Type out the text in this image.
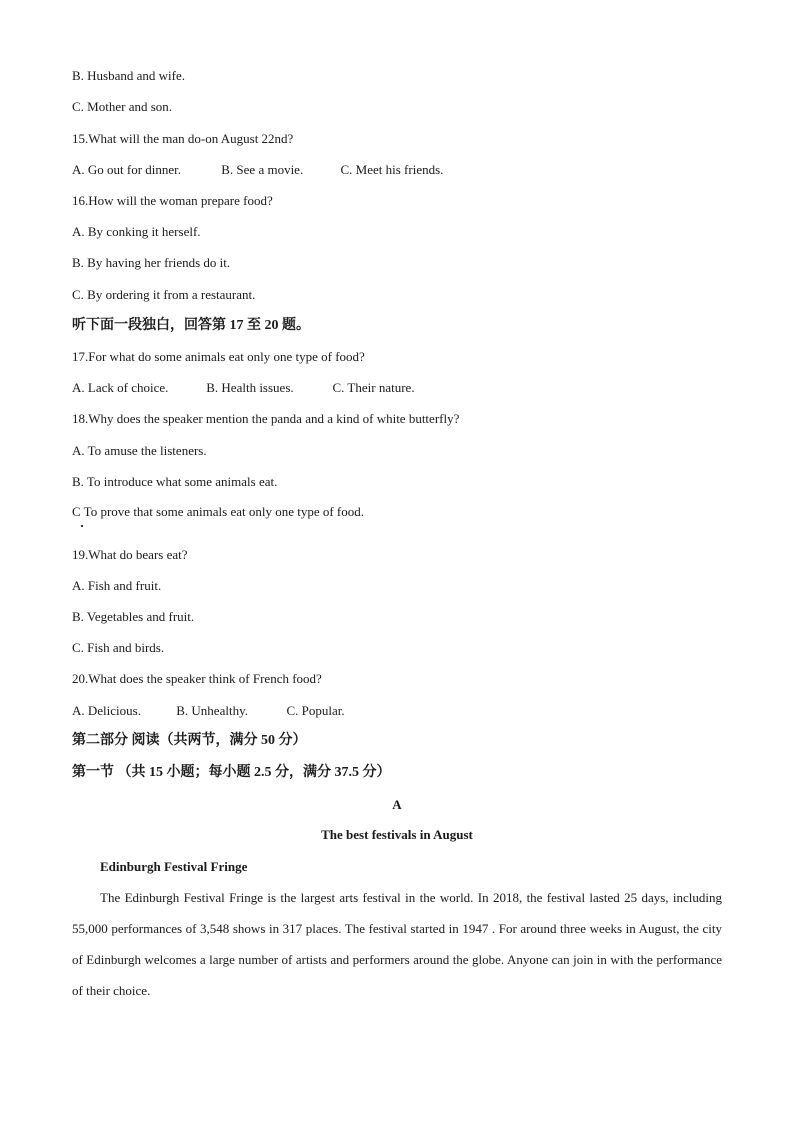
B. Husband and wife.
C. Mother and son.
15.What will the man do-on August 22nd?
A. Go out for dinner.	B. See a movie.	C. Meet his friends.
16.How will the woman prepare food?
A. By conking it herself.
B. By having her friends do it.
C. By ordering it from a restaurant.
听下面一段独白，回答第 17 至 20 题。
17.For what do some animals eat only one type of food?
A. Lack of choice.	B. Health issues.	C. Their nature.
18.Why does the speaker mention the panda and a kind of white butterfly?
A. To amuse the listeners.
B. To introduce what some animals eat.
C To prove that some animals eat only one type of food.
19.What do bears eat?
A. Fish and fruit.
B. Vegetables and fruit.
C. Fish and birds.
20.What does the speaker think of French food?
A. Delicious.	B. Unhealthy.	C. Popular.
第二部分 阅读（共两节，满分 50 分）
第一节 （共 15 小题；每小题 2.5 分，满分 37.5 分）
A
The best festivals in August
Edinburgh Festival Fringe
The Edinburgh Festival Fringe is the largest arts festival in the world. In 2018, the festival lasted 25 days, including 55,000 performances of 3,548 shows in 317 places. The festival started in 1947 . For around three weeks in August, the city of Edinburgh welcomes a large number of artists and performers around the globe. Anyone can join in with the performance of their choice.
